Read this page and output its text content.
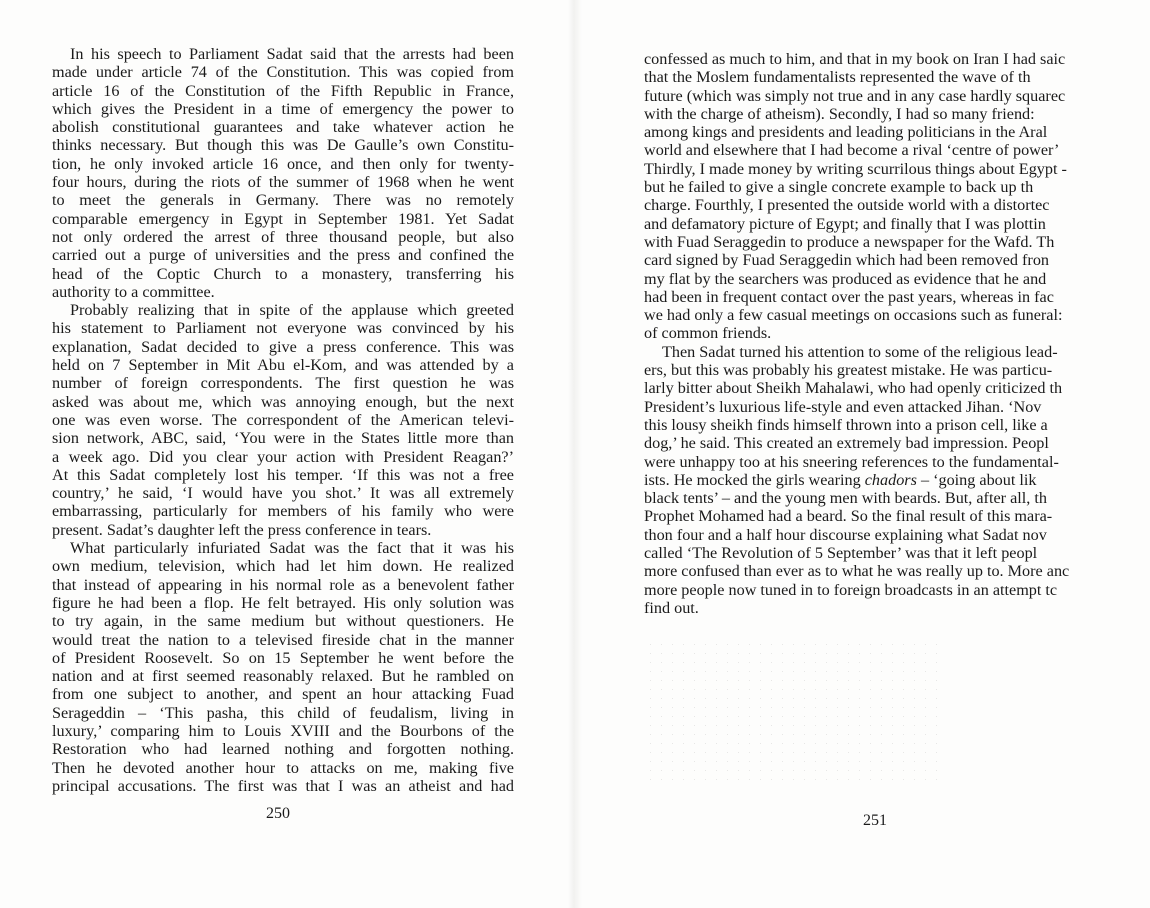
In his speech to Parliament Sadat said that the arrests had been
made under article 74 of the Constitution. This was copied from
article 16 of the Constitution of the Fifth Republic in France,
which gives the President in a time of emergency the power to
abolish constitutional guarantees and take whatever action he
thinks necessary. But though this was De Gaulle’s own Constitu-
tion, he only invoked article 16 once, and then only for twenty-
four hours, during the riots of the summer of 1968 when he went
to meet the generals in Germany. There was no remotely
comparable emergency in Egypt in September 1981. Yet Sadat
not only ordered the arrest of three thousand people, but also
carried out a purge of universities and the press and confined the
head of the Coptic Church to a monastery, transferring his
authority to a committee.
Probably realizing that in spite of the applause which greeted
his statement to Parliament not everyone was convinced by his
explanation, Sadat decided to give a press conference. This was
held on 7 September in Mit Abu el-Kom, and was attended by a
number of foreign correspondents. The first question he was
asked was about me, which was annoying enough, but the next
one was even worse. The correspondent of the American televi-
sion network, ABC, said, ‘You were in the States little more than
a week ago. Did you clear your action with President Reagan?’
At this Sadat completely lost his temper. ‘If this was not a free
country,’ he said, ‘I would have you shot.’ It was all extremely
embarrassing, particularly for members of his family who were
present. Sadat’s daughter left the press conference in tears.
What particularly infuriated Sadat was the fact that it was his
own medium, television, which had let him down. He realized
that instead of appearing in his normal role as a benevolent father
figure he had been a flop. He felt betrayed. His only solution was
to try again, in the same medium but without questioners. He
would treat the nation to a televised fireside chat in the manner
of President Roosevelt. So on 15 September he went before the
nation and at first seemed reasonably relaxed. But he rambled on
from one subject to another, and spent an hour attacking Fuad
Serageddin – ‘This pasha, this child of feudalism, living in
luxury,’ comparing him to Louis XVIII and the Bourbons of the
Restoration who had learned nothing and forgotten nothing.
Then he devoted another hour to attacks on me, making five
principal accusations. The first was that I was an atheist and had
250
confessed as much to him, and that in my book on Iran I had saic
that the Moslem fundamentalists represented the wave of th
future (which was simply not true and in any case hardly squarec
with the charge of atheism). Secondly, I had so many friend:
among kings and presidents and leading politicians in the Aral
world and elsewhere that I had become a rival ‘centre of power’
Thirdly, I made money by writing scurrilous things about Egypt -
but he failed to give a single concrete example to back up th
charge. Fourthly, I presented the outside world with a distortec
and defamatory picture of Egypt; and finally that I was plottin
with Fuad Seraggedin to produce a newspaper for the Wafd. Th
card signed by Fuad Seraggedin which had been removed fron
my flat by the searchers was produced as evidence that he and
had been in frequent contact over the past years, whereas in fac
we had only a few casual meetings on occasions such as funeral:
of common friends.
Then Sadat turned his attention to some of the religious lead-
ers, but this was probably his greatest mistake. He was particu-
larly bitter about Sheikh Mahalawi, who had openly criticized th
President’s luxurious life-style and even attacked Jihan. ‘Nov
this lousy sheikh finds himself thrown into a prison cell, like a
dog,’ he said. This created an extremely bad impression. Peopl
were unhappy too at his sneering references to the fundamental-
ists. He mocked the girls wearing chadors – ‘going about lik
black tents’ – and the young men with beards. But, after all, th
Prophet Mohamed had a beard. So the final result of this mara-
thon four and a half hour discourse explaining what Sadat nov
called ‘The Revolution of 5 September’ was that it left peopl
more confused than ever as to what he was really up to. More anc
more people now tuned in to foreign broadcasts in an attempt tc
find out.
251
